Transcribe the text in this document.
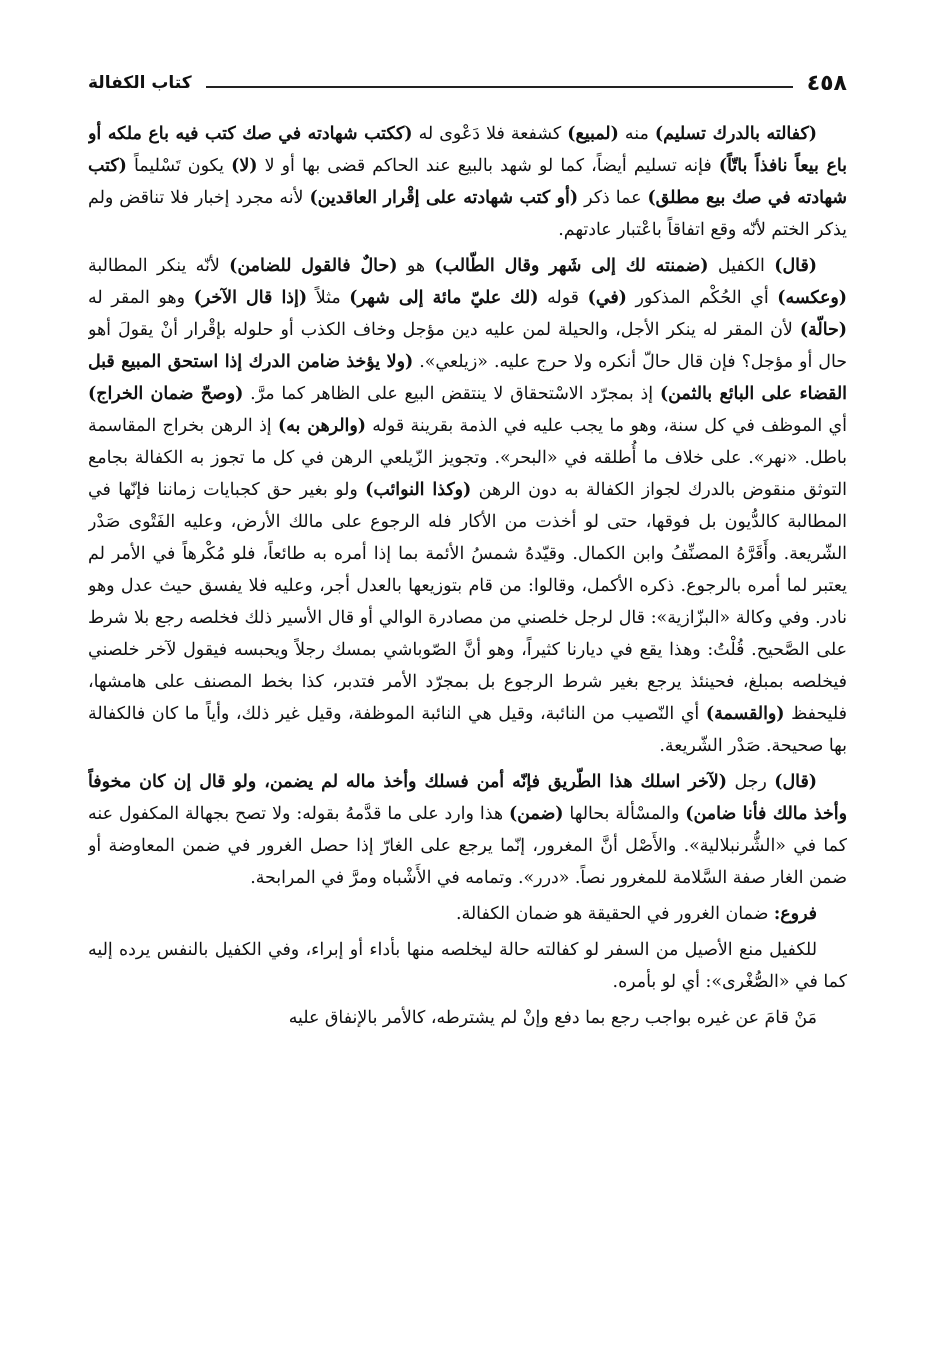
٤٥٨
كتاب الكفالة

(كفالته بالدرك تسليم) منه (لمبيع) كشفعة فلا دَعْوى له (ككتب شهادته في صك كتب فيه باع ملكه أو باع بيعاً نافذاً باتّاً) فإنه تسليم أيضاً، كما لو شهد بالبيع عند الحاكم قضى بها أو لا (لا) يكون تَسْليماً (كتب شهادته في صك بيع مطلق) عما ذكر (أو كتب شهادته على إقْرار العاقدين) لأنه مجرد إخبار فلا تناقض ولم يذكر الختم لأنّه وقع اتفاقاً باعْتبار عادتهم.

(قال) الكفيل (ضمنته لك إلى شَهر وقال الطّالب) هو (حالٌ فالقول للضامن) لأنّه ينكر المطالبة (وعكسه) أي الحُكْم المذكور (في) قوله (لك عليّ مائة إلى شهر) مثلاً (إذا قال الآخر) وهو المقر له (حالّة) لأن المقر له ينكر الأجل، والحيلة لمن عليه دين مؤجل وخاف الكذب أو حلوله بإقْرار أنْ يقولَ أهو حال أو مؤجل؟ فإن قال حالّ أنكره ولا حرج عليه. «زيلعي». (ولا يؤخذ ضامن الدرك إذا استحق المبيع قبل القضاء على البائع بالثمن) إذ بمجرّد الاسْتحقاق لا ينتقض البيع على الظاهر كما مرَّ. (وصحّ ضمان الخراج) أي الموظف في كل سنة، وهو ما يجب عليه في الذمة بقرينة قوله (والرهن به) إذ الرهن بخراج المقاسمة باطل. «نهر». على خلاف ما أُطلقه في «البحر». وتجويز الزّيلعي الرهن في كل ما تجوز به الكفالة بجامع التوثق منقوض بالدرك لجواز الكفالة به دون الرهن (وكذا النوائب) ولو بغير حق كجبايات زماننا فإنّها في المطالبة كالدُّيون بل فوقها، حتى لو أخذت من الأكار فله الرجوع على مالك الأرض، وعليه الفَتْوى صَدْر الشّريعة. وأَقَرَّهُ المصنِّفُ وابن الكمال. وقيّدهُ شمسُ الأئمة بما إذا أمره به طائعاً، فلو مُكْرهاً في الأمر لم يعتبر لما أمره بالرجوع. ذكره الأكمل، وقالوا: من قام بتوزيعها بالعدل أجر، وعليه فلا يفسق حيث عدل وهو نادر. وفي وكالة «البزّازية»: قال لرجل خلصني من مصادرة الوالي أو قال الأسير ذلك فخلصه رجع بلا شرط على الصَّحيح. قُلْتُ: وهذا يقع في ديارنا كثيراً، وهو أنَّ الصّوباشي بمسك رجلاً ويحبسه فيقول لآخر خلصني فيخلصه بمبلغ، فحينئذ يرجع بغير شرط الرجوع بل بمجرّد الأمر فتدبر، كذا بخط المصنف على هامشها، فليحفظ (والقسمة) أي النّصيب من النائبة، وقيل هي النائبة الموظفة، وقيل غير ذلك، وأياً ما كان فالكفالة بها صحيحة. صَدْر الشّريعة.

(قال) رجل (لآخر اسلك هذا الطّريق فإنّه أمن فسلك وأخذ ماله لم يضمن، ولو قال إن كان مخوفاً وأخذ مالك فأنا ضامن) والمسْألة بحالها (ضمن) هذا وارد على ما قدَّمهُ بقوله: ولا تصح بجهالة المكفول عنه كما في «الشُّرنبلالية». والأَصْل أنَّ المغرور، إنّما يرجع على الغارّ إذا حصل الغرور في ضمن المعاوضة أو ضمن الغار صفة السَّلامة للمغرور نصاً. «درر». وتمامه في الأَشْباه ومرَّ في المرابحة.

فروع: ضمان الغرور في الحقيقة هو ضمان الكفالة.

للكفيل منع الأصيل من السفر لو كفالته حالة ليخلصه منها بأداء أو إبراء، وفي الكفيل بالنفس يرده إليه كما في «الصُّغْرى»: أي لو بأمره.

مَنْ قامَ عن غيره بواجب رجع بما دفع وإنْ لم يشترطه، كالأمر بالإنفاق عليه
